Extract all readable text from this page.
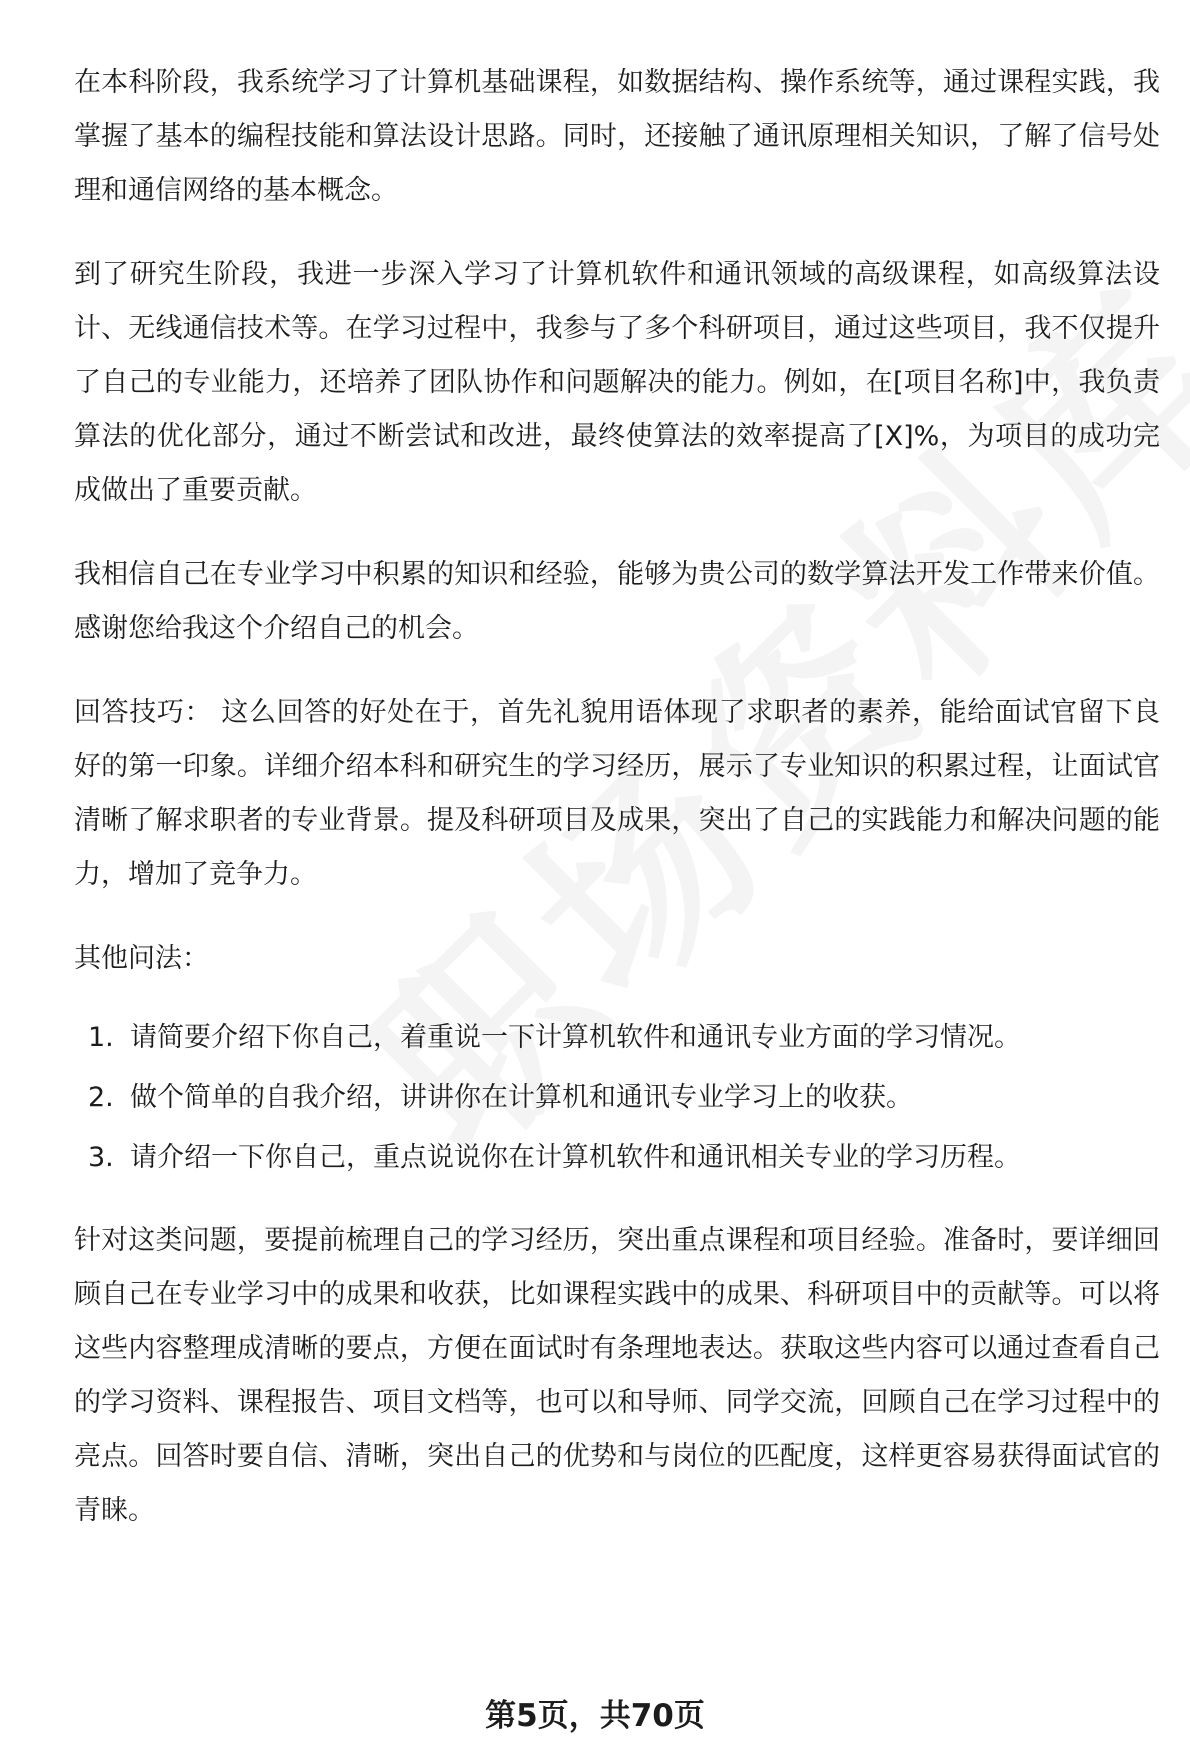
在本科阶段，我系统学习了计算机基础课程，如数据结构、操作系统等，通过课程实践，我掌握了基本的编程技能和算法设计思路。同时，还接触了通讯原理相关知识，了解了信号处理和通信网络的基本概念。

到了研究生阶段，我进一步深入学习了计算机软件和通讯领域的高级课程，如高级算法设计、无线通信技术等。在学习过程中，我参与了多个科研项目，通过这些项目，我不仅提升了自己的专业能力，还培养了团队协作和问题解决的能力。例如，在[项目名称]中，我负责算法的优化部分，通过不断尝试和改进，最终使算法的效率提高了[X]%，为项目的成功完成做出了重要贡献。

我相信自己在专业学习中积累的知识和经验，能够为贵公司的数学算法开发工作带来价值。感谢您给我这个介绍自己的机会。

回答技巧： 这么回答的好处在于，首先礼貌用语体现了求职者的素养，能给面试官留下良好的第一印象。详细介绍本科和研究生的学习经历，展示了专业知识的积累过程，让面试官清晰了解求职者的专业背景。提及科研项目及成果，突出了自己的实践能力和解决问题的能力，增加了竞争力。

其他问法：

1. 请简要介绍下你自己，着重说一下计算机软件和通讯专业方面的学习情况。
2. 做个简单的自我介绍，讲讲你在计算机和通讯专业学习上的收获。
3. 请介绍一下你自己，重点说说你在计算机软件和通讯相关专业的学习历程。

针对这类问题，要提前梳理自己的学习经历，突出重点课程和项目经验。准备时，要详细回顾自己在专业学习中的成果和收获，比如课程实践中的成果、科研项目中的贡献等。可以将这些内容整理成清晰的要点，方便在面试时有条理地表达。获取这些内容可以通过查看自己的学习资料、课程报告、项目文档等，也可以和导师、同学交流，回顾自己在学习过程中的亮点。回答时要自信、清晰，突出自己的优势和与岗位的匹配度，这样更容易获得面试官的青睐。

第5页，共70页
